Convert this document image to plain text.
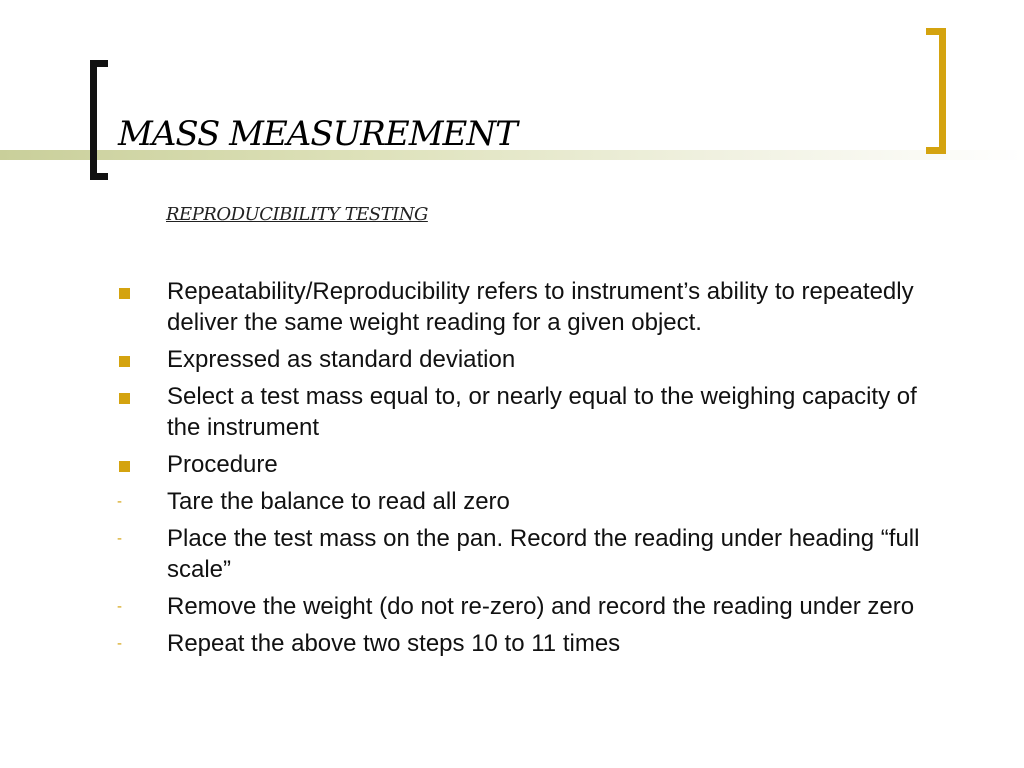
MASS MEASUREMENT
REPRODUCIBILITY TESTING
Repeatability/Reproducibility refers to instrument’s ability to repeatedly deliver the same weight reading for a given object.
Expressed as standard deviation
Select a test mass equal to, or nearly equal to the weighing capacity of the instrument
Procedure
- Tare the balance to read all zero
- Place the test mass on the pan. Record the reading under heading “full scale”
- Remove the weight (do not re-zero) and record the reading under zero
- Repeat the above two steps 10 to 11 times
